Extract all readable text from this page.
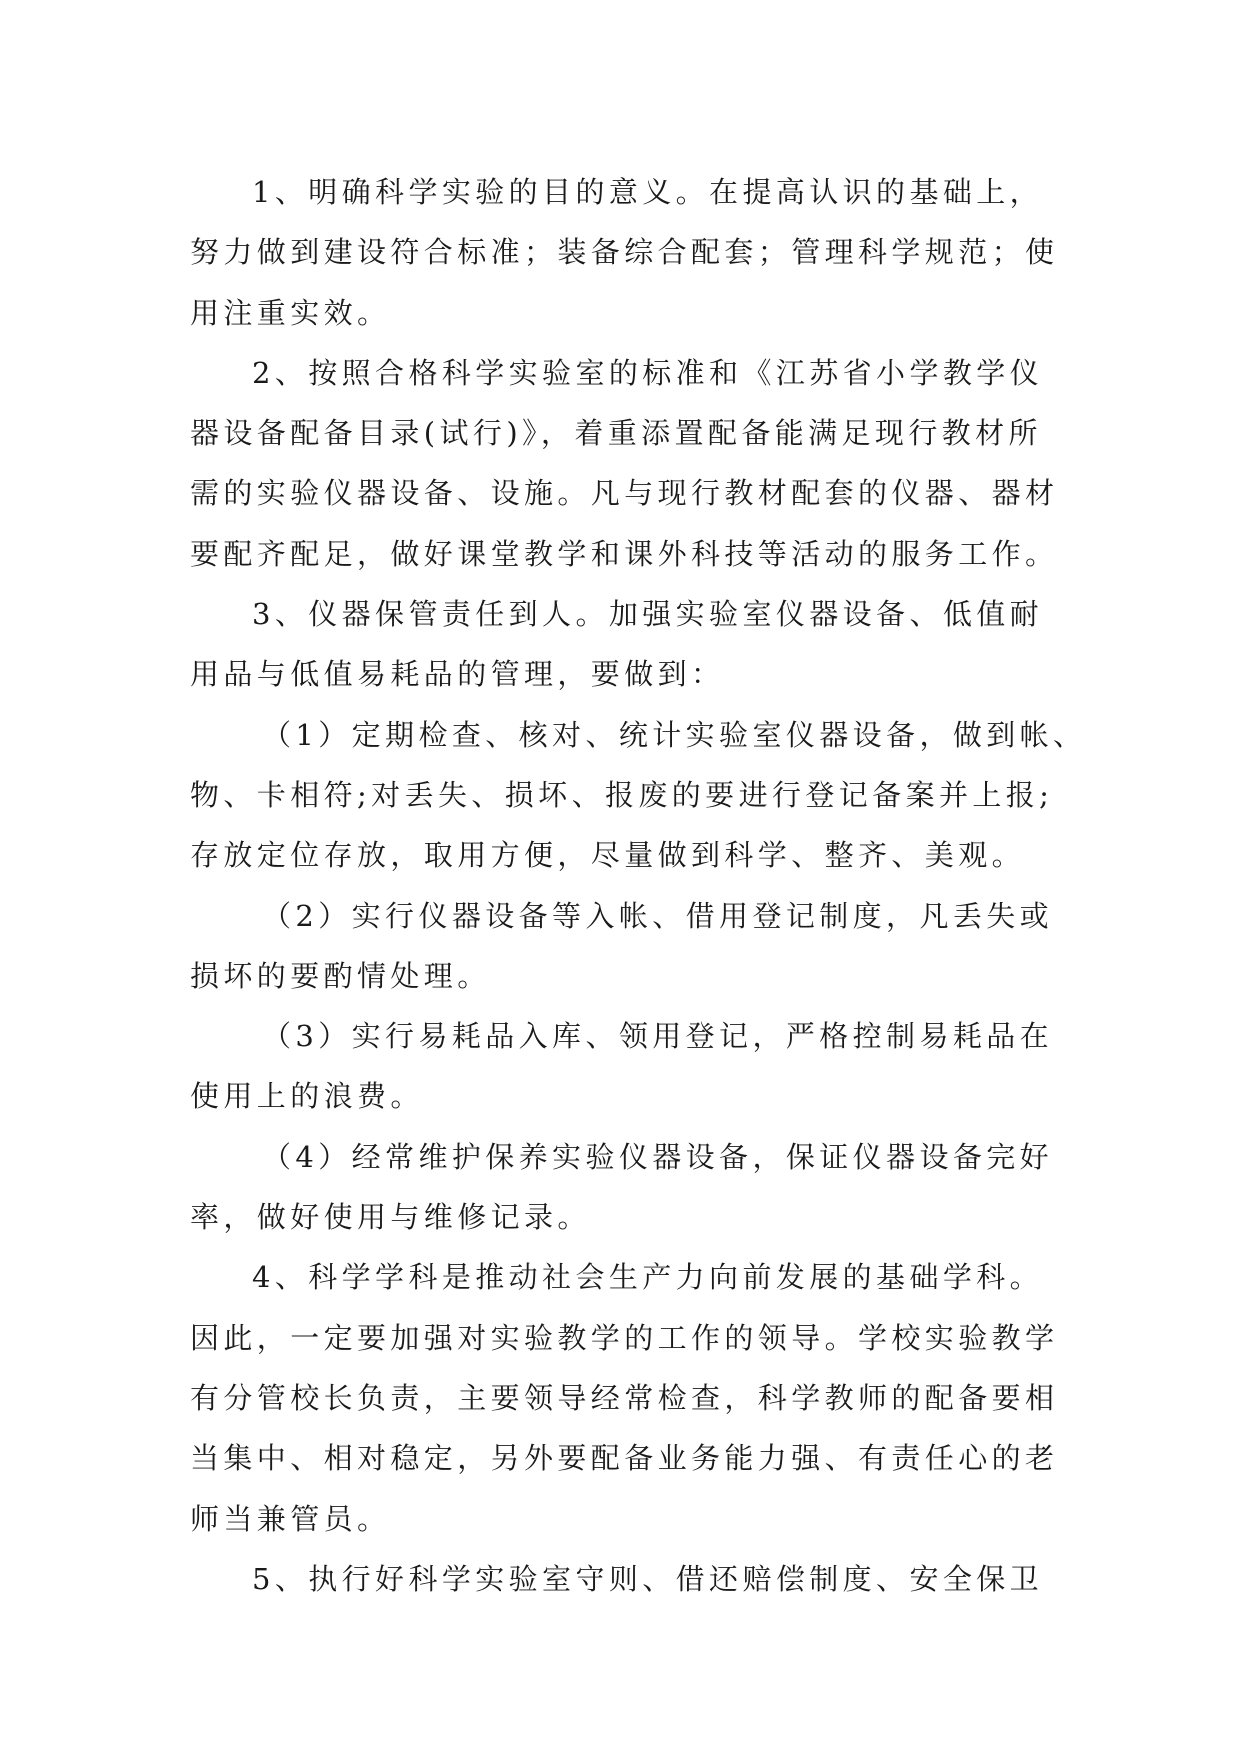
1、明确科学实验的目的意义。在提高认识的基础上，
努力做到建设符合标准；装备综合配套；管理科学规范；使
用注重实效。

2、按照合格科学实验室的标准和《江苏省小学教学仪
器设备配备目录(试行)》，着重添置配备能满足现行教材所
需的实验仪器设备、设施。凡与现行教材配套的仪器、器材
要配齐配足，做好课堂教学和课外科技等活动的服务工作。

3、仪器保管责任到人。加强实验室仪器设备、低值耐
用品与低值易耗品的管理，要做到：

（1）定期检查、核对、统计实验室仪器设备，做到帐、
物、卡相符;对丢失、损坏、报废的要进行登记备案并上报;
存放定位存放，取用方便，尽量做到科学、整齐、美观。

（2）实行仪器设备等入帐、借用登记制度，凡丢失或
损坏的要酌情处理。

（3）实行易耗品入库、领用登记，严格控制易耗品在
使用上的浪费。

（4）经常维护保养实验仪器设备，保证仪器设备完好
率，做好使用与维修记录。

4、科学学科是推动社会生产力向前发展的基础学科。
因此，一定要加强对实验教学的工作的领导。学校实验教学
有分管校长负责，主要领导经常检查，科学教师的配备要相
当集中、相对稳定，另外要配备业务能力强、有责任心的老
师当兼管员。

5、执行好科学实验室守则、借还赔偿制度、安全保卫
